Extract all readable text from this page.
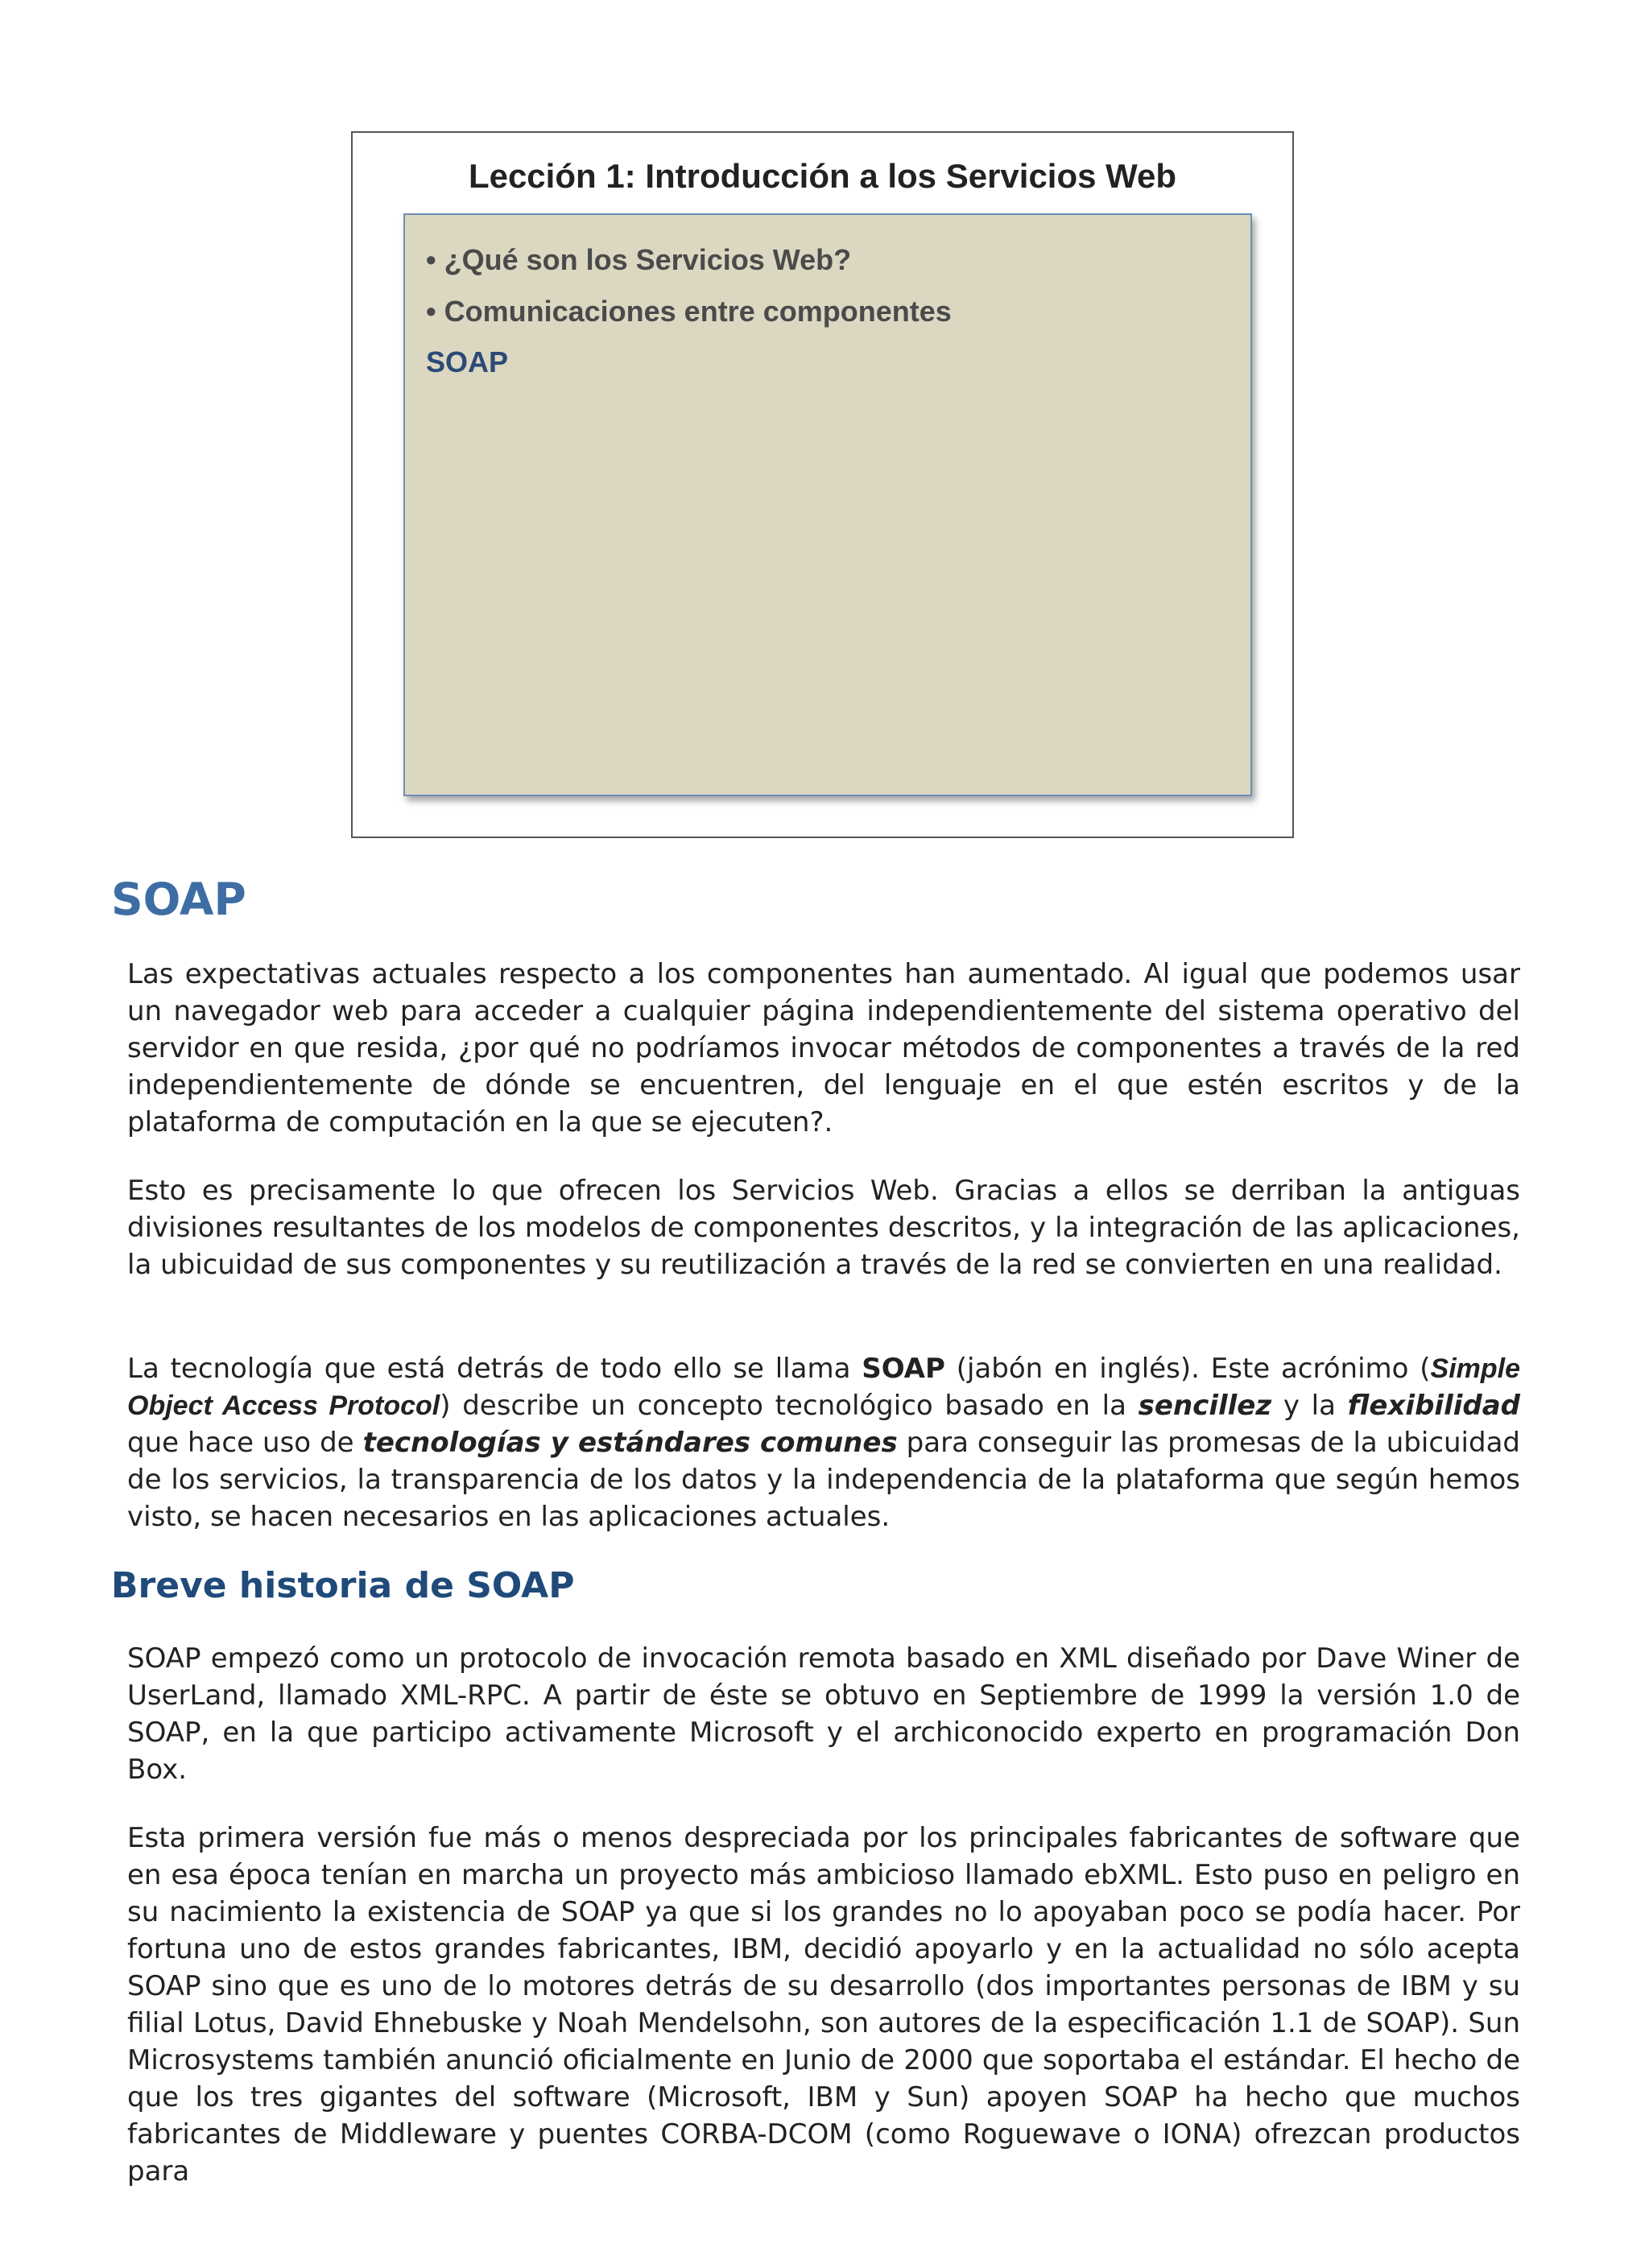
Lección 1: Introducción a los Servicios Web
• ¿Qué son los Servicios Web?
• Comunicaciones entre componentes
SOAP
SOAP

Las expectativas actuales respecto a los componentes han aumentado. Al igual que podemos usar un navegador web para acceder a cualquier página independientemente del sistema operativo del servidor en que resida, ¿por qué no podríamos invocar métodos de componentes a través de la red independientemente de dónde se encuentren, del lenguaje en el que estén escritos y de la plataforma de computación en la que se ejecuten?.

Esto es precisamente lo que ofrecen los Servicios Web. Gracias a ellos se derriban la antiguas divisiones resultantes de los modelos de componentes descritos, y la integración de las aplicaciones, la ubicuidad de sus componentes y su reutilización a través de la red se convierten en una realidad.

La tecnología que está detrás de todo ello se llama SOAP (jabón en inglés). Este acrónimo (Simple Object Access Protocol) describe un concepto tecnológico basado en la sencillez y la flexibilidad que hace uso de tecnologías y estándares comunes para conseguir las promesas de la ubicuidad de los servicios, la transparencia de los datos y la independencia de la plataforma que según hemos visto, se hacen necesarios en las aplicaciones actuales.

Breve historia de SOAP

SOAP empezó como un protocolo de invocación remota basado en XML diseñado por Dave Winer de UserLand, llamado XML-RPC. A partir de éste se obtuvo en Septiembre de 1999 la versión 1.0 de SOAP, en la que participo activamente Microsoft y el archiconocido experto en programación Don Box.

Esta primera versión fue más o menos despreciada por los principales fabricantes de software que en esa época tenían en marcha un proyecto más ambicioso llamado ebXML. Esto puso en peligro en su nacimiento la existencia de SOAP ya que si los grandes no lo apoyaban poco se podía hacer. Por fortuna uno de estos grandes fabricantes, IBM, decidió apoyarlo y en la actualidad no sólo acepta SOAP sino que es uno de lo motores detrás de su desarrollo (dos importantes personas de IBM y su filial Lotus, David Ehnebuske y Noah Mendelsohn, son autores de la especificación 1.1 de SOAP). Sun Microsystems también anunció oficialmente en Junio de 2000 que soportaba el estándar. El hecho de que los tres gigantes del software (Microsoft, IBM y Sun) apoyen SOAP ha hecho que muchos fabricantes de Middleware y puentes CORBA-DCOM (como Roguewave o IONA) ofrezcan productos para
